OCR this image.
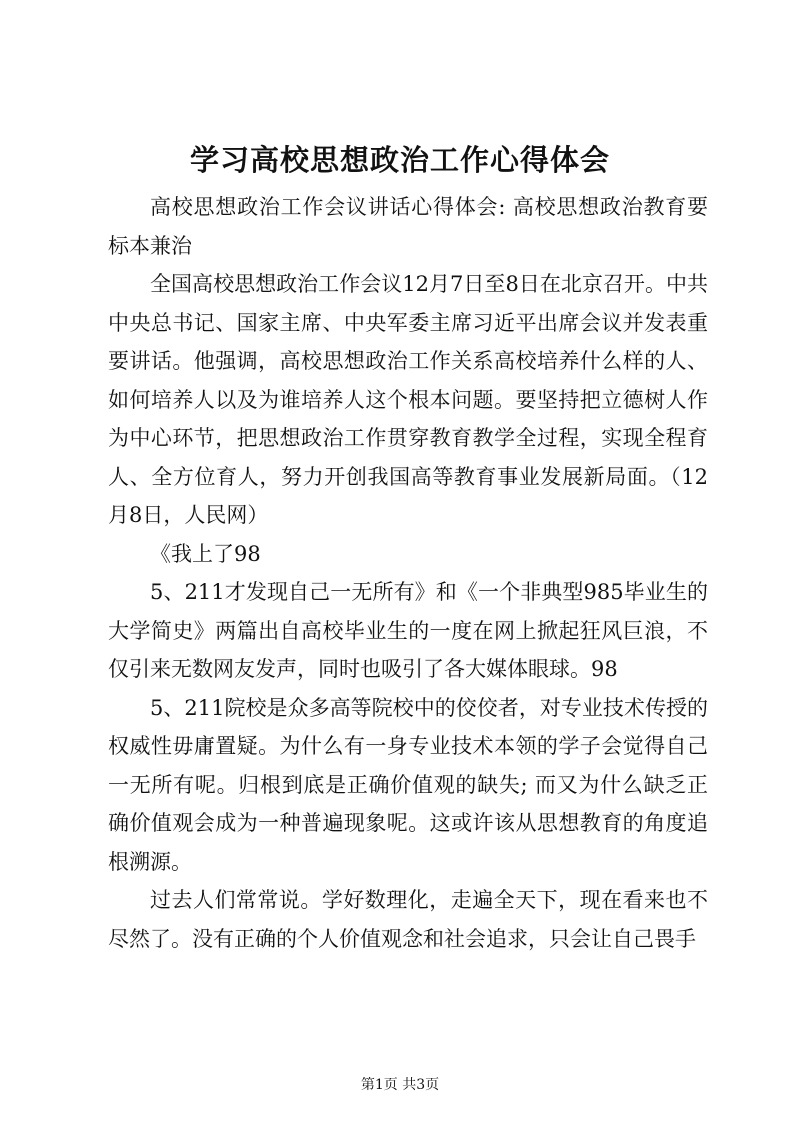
学习高校思想政治工作心得体会

高校思想政治工作会议讲话心得体会: 高校思想政治教育要标本兼治

全国高校思想政治工作会议12月7日至8日在北京召开。中共中央总书记、国家主席、中央军委主席习近平出席会议并发表重要讲话。他强调，高校思想政治工作关系高校培养什么样的人、如何培养人以及为谁培养人这个根本问题。要坚持把立德树人作为中心环节，把思想政治工作贯穿教育教学全过程，实现全程育人、全方位育人，努力开创我国高等教育事业发展新局面。（12月8日，人民网）

《我上了98

5、211才发现自己一无所有》和《一个非典型985毕业生的大学简史》两篇出自高校毕业生的一度在网上掀起狂风巨浪，不仅引来无数网友发声，同时也吸引了各大媒体眼球。98

5、211院校是众多高等院校中的佼佼者，对专业技术传授的权威性毋庸置疑。为什么有一身专业技术本领的学子会觉得自己一无所有呢。归根到底是正确价值观的缺失; 而又为什么缺乏正确价值观会成为一种普遍现象呢。这或许该从思想教育的角度追根溯源。

过去人们常常说。学好数理化，走遍全天下，现在看来也不尽然了。没有正确的个人价值观念和社会追求，只会让自己畏手

第1页 共3页
